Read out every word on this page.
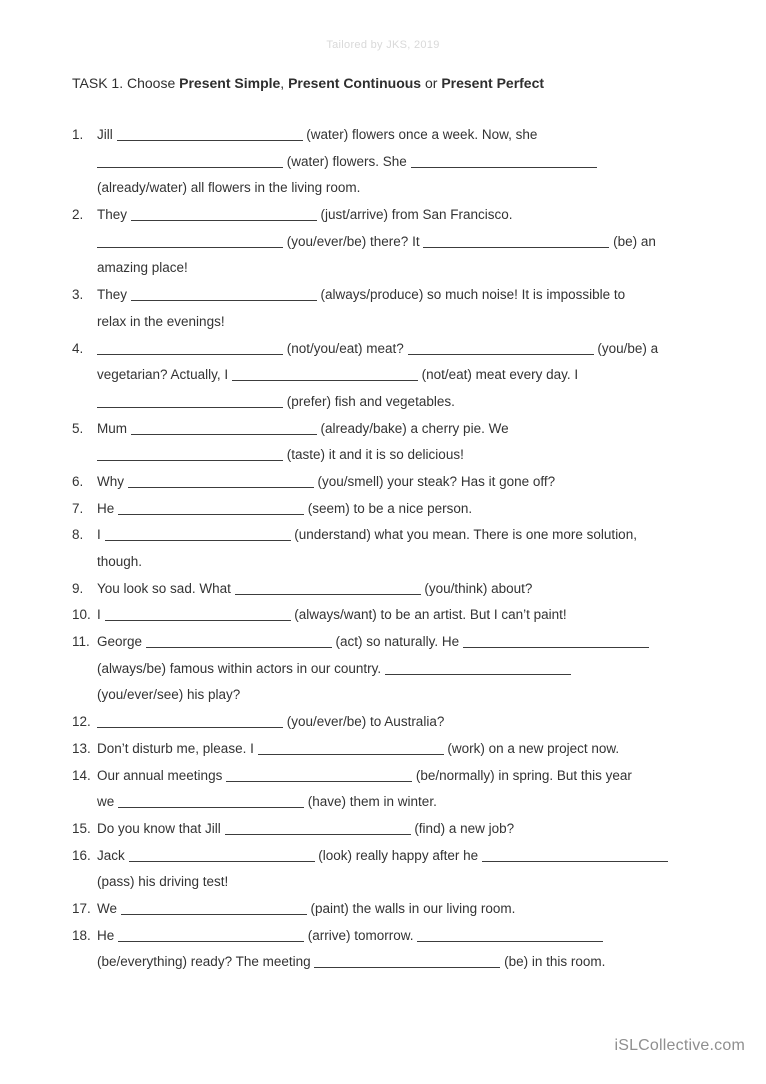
Tailored by JKS, 2019
TASK 1. Choose Present Simple, Present Continuous or Present Perfect
1.	Jill	(water) flowers once a week. Now, she
(water) flowers. She
(already/water) all flowers in the living room.
2.	They	(just/arrive) from San Francisco.
(you/ever/be) there? It	(be) an
amazing place!
3.	They	(always/produce) so much noise! It is impossible to
relax in the evenings!
4.	(not/you/eat) meat?	(you/be) a
vegetarian? Actually, I	(not/eat) meat every day. I
(prefer) fish and vegetables.
5.	Mum	(already/bake) a cherry pie. We
(taste) it and it is so delicious!
6.	Why	(you/smell) your steak? Has it gone off?
7.	He	(seem) to be a nice person.
8.	I	(understand) what you mean. There is one more solution,
though.
9.	You look so sad. What	(you/think) about?
10. I	(always/want) to be an artist. But I can’t paint!
11. George	(act) so naturally. He
(always/be) famous within actors in our country.
(you/ever/see) his play?
12.	(you/ever/be) to Australia?
13. Don’t disturb me, please. I	(work) on a new project now.
14. Our annual meetings	(be/normally) in spring. But this year
we	(have) them in winter.
15. Do you know that Jill	(find) a new job?
16. Jack	(look) really happy after he
(pass) his driving test!
17. We	(paint) the walls in our living room.
18. He	(arrive) tomorrow.
(be/everything) ready? The meeting	(be) in this room.
iSLCollective.com
